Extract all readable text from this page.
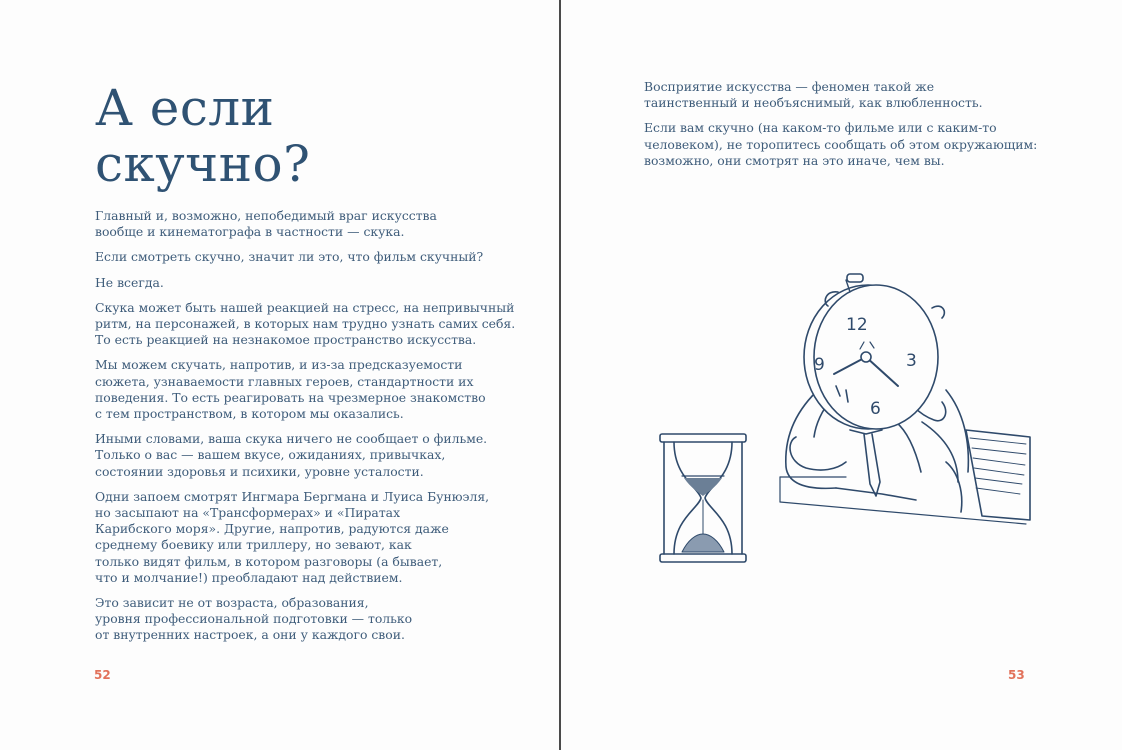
А если
скучно?

Главный и, возможно, непобедимый враг искусства
вообще и кинематографа в частности — скука.

Если смотреть скучно, значит ли это, что фильм скучный?

Не всегда.

Скука может быть нашей реакцией на стресс, на непривычный
ритм, на персонажей, в которых нам трудно узнать самих себя.
То есть реакцией на незнакомое пространство искусства.

Мы можем скучать, напротив, и из-за предсказуемости
сюжета, узнаваемости главных героев, стандартности их
поведения. То есть реагировать на чрезмерное знакомство
с тем пространством, в котором мы оказались.

Иными словами, ваша скука ничего не сообщает о фильме.
Только о вас — вашем вкусе, ожиданиях, привычках,
состоянии здоровья и психики, уровне усталости.

Одни запоем смотрят Ингмара Бергмана и Луиса Бунюэля,
но засыпают на «Трансформерах» и «Пиратах
Карибского моря». Другие, напротив, радуются даже
среднему боевику или триллеру, но зевают, как
только видят фильм, в котором разговоры (а бывает,
что и молчание!) преобладают над действием.

Это зависит не от возраста, образования,
уровня профессиональной подготовки — только
от внутренних настроек, а они у каждого свои.

52

Восприятие искусства — феномен такой же
таинственный и необъяснимый, как влюбленность.

Если вам скучно (на каком-то фильме или с каким-то
человеком), не торопитесь сообщать об этом окружающим:
возможно, они смотрят на это иначе, чем вы.

12
3
6
9
53
